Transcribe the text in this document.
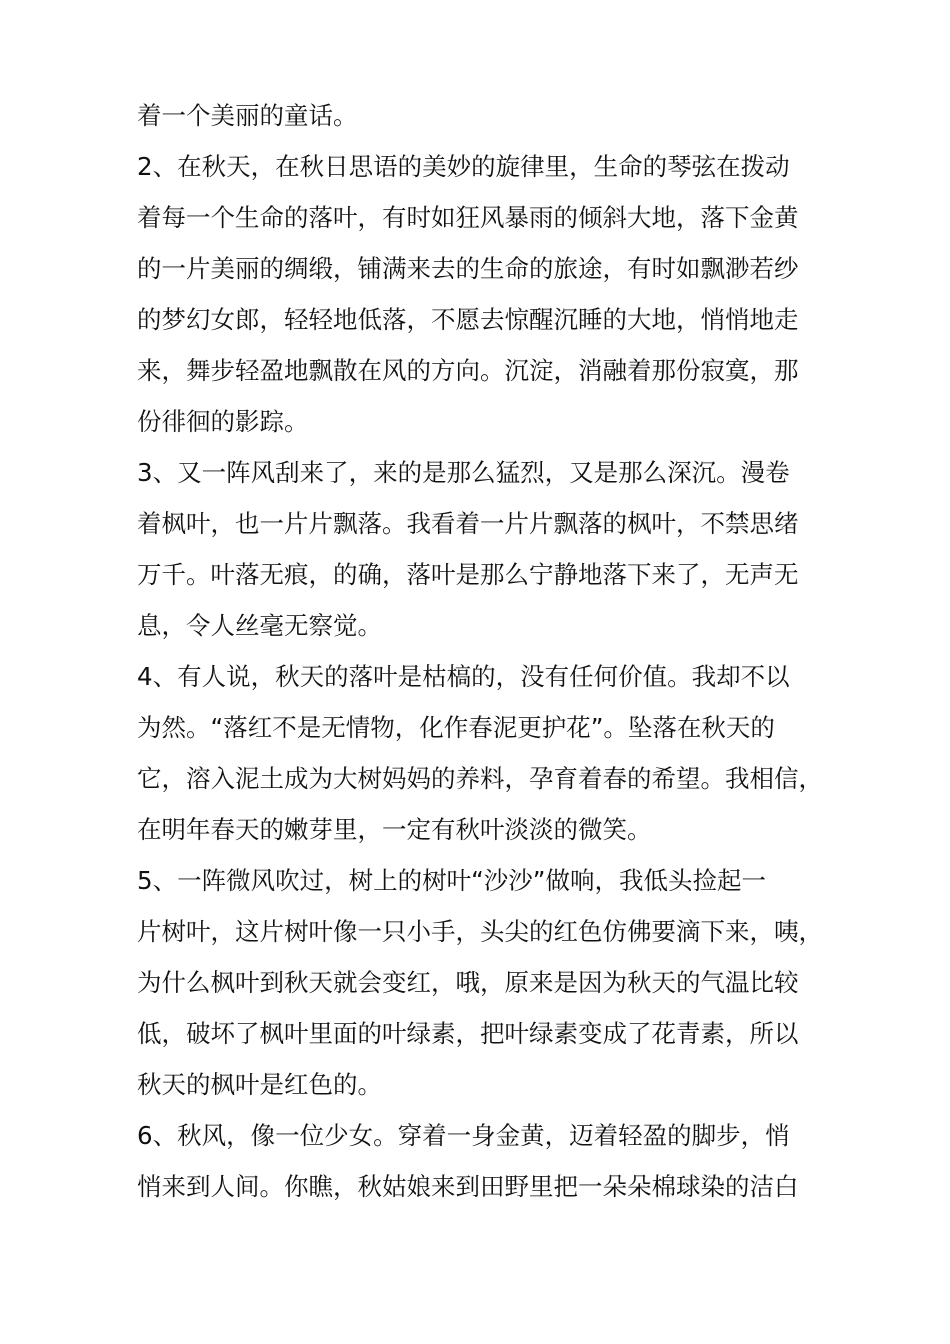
着一个美丽的童话。
2、在秋天，在秋日思语的美妙的旋律里，生命的琴弦在拨动
着每一个生命的落叶，有时如狂风暴雨的倾斜大地，落下金黄
的一片美丽的绸缎，铺满来去的生命的旅途，有时如飘渺若纱
的梦幻女郎，轻轻地低落，不愿去惊醒沉睡的大地，悄悄地走
来，舞步轻盈地飘散在风的方向。沉淀，消融着那份寂寞，那
份徘徊的影踪。
3、又一阵风刮来了，来的是那么猛烈，又是那么深沉。漫卷
着枫叶，也一片片飘落。我看着一片片飘落的枫叶，不禁思绪
万千。叶落无痕，的确，落叶是那么宁静地落下来了，无声无
息，令人丝毫无察觉。
4、有人说，秋天的落叶是枯槁的，没有任何价值。我却不以
为然。“落红不是无情物，化作春泥更护花”。坠落在秋天的
它，溶入泥土成为大树妈妈的养料，孕育着春的希望。我相信，
在明年春天的嫩芽里，一定有秋叶淡淡的微笑。
5、一阵微风吹过，树上的树叶“沙沙”做响，我低头捡起一
片树叶，这片树叶像一只小手，头尖的红色仿佛要滴下来，咦，
为什么枫叶到秋天就会变红，哦，原来是因为秋天的气温比较
低，破坏了枫叶里面的叶绿素，把叶绿素变成了花青素，所以
秋天的枫叶是红色的。
6、秋风，像一位少女。穿着一身金黄，迈着轻盈的脚步，悄
悄来到人间。你瞧，秋姑娘来到田野里把一朵朵棉球染的洁白
